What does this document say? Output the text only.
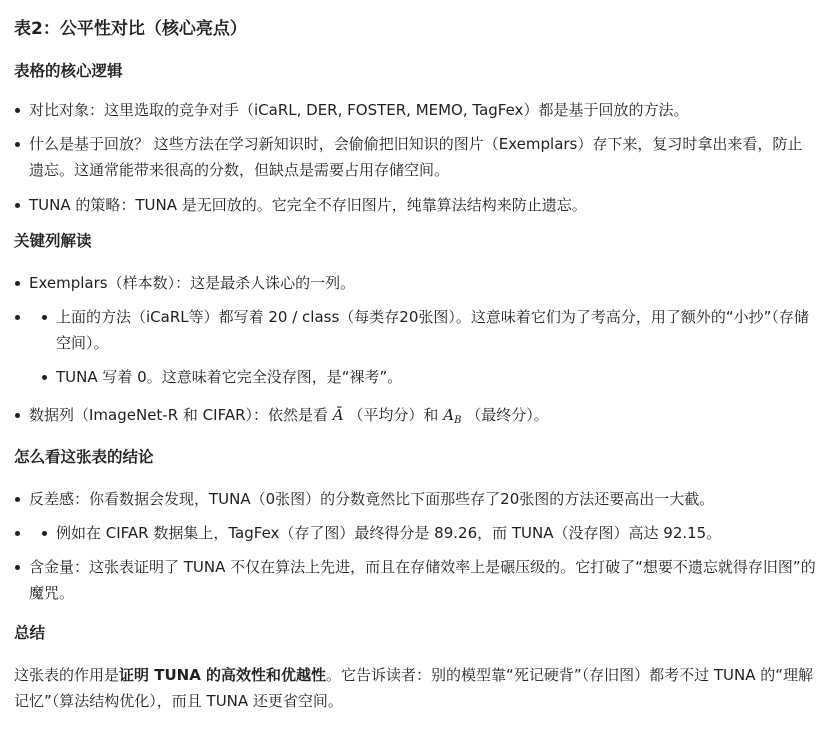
表2：公平性对比（核心亮点）
表格的核心逻辑
对比对象：这里选取的竞争对手（iCaRL, DER, FOSTER, MEMO, TagFex）都是基于回放的方法。
什么是基于回放？ 这些方法在学习新知识时，会偷偷把旧知识的图片（Exemplars）存下来，复习时拿出来看，防止遗忘。这通常能带来很高的分数，但缺点是需要占用存储空间。
TUNA 的策略：TUNA 是无回放的。它完全不存旧图片，纯靠算法结构来防止遗忘。
关键列解读
Exemplars（样本数）：这是最杀人诛心的一列。
上面的方法（iCaRL等）都写着 20 / class（每类存20张图）。这意味着它们为了考高分，用了额外的“小抄”（存储空间）。
TUNA 写着 0。这意味着它完全没存图，是“裸考”。
数据列（ImageNet-R 和 CIFAR）：依然是看 Ā （平均分）和 $A_B$ （最终分）。
怎么看这张表的结论
反差感：你看数据会发现，TUNA（0张图）的分数竟然比下面那些存了20张图的方法还要高出一大截。
例如在 CIFAR 数据集上，TagFex（存了图）最终得分是 89.26，而 TUNA（没存图）高达 92.15。
含金量：这张表证明了 TUNA 不仅在算法上先进，而且在存储效率上是碾压级的。它打破了“想要不遗忘就得存旧图”的魔咒。
总结

这张表的作用是证明 TUNA 的高效性和优越性。它告诉读者：别的模型靠“死记硬背”（存旧图）都考不过 TUNA 的“理解记忆”（算法结构优化），而且 TUNA 还更省空间。
